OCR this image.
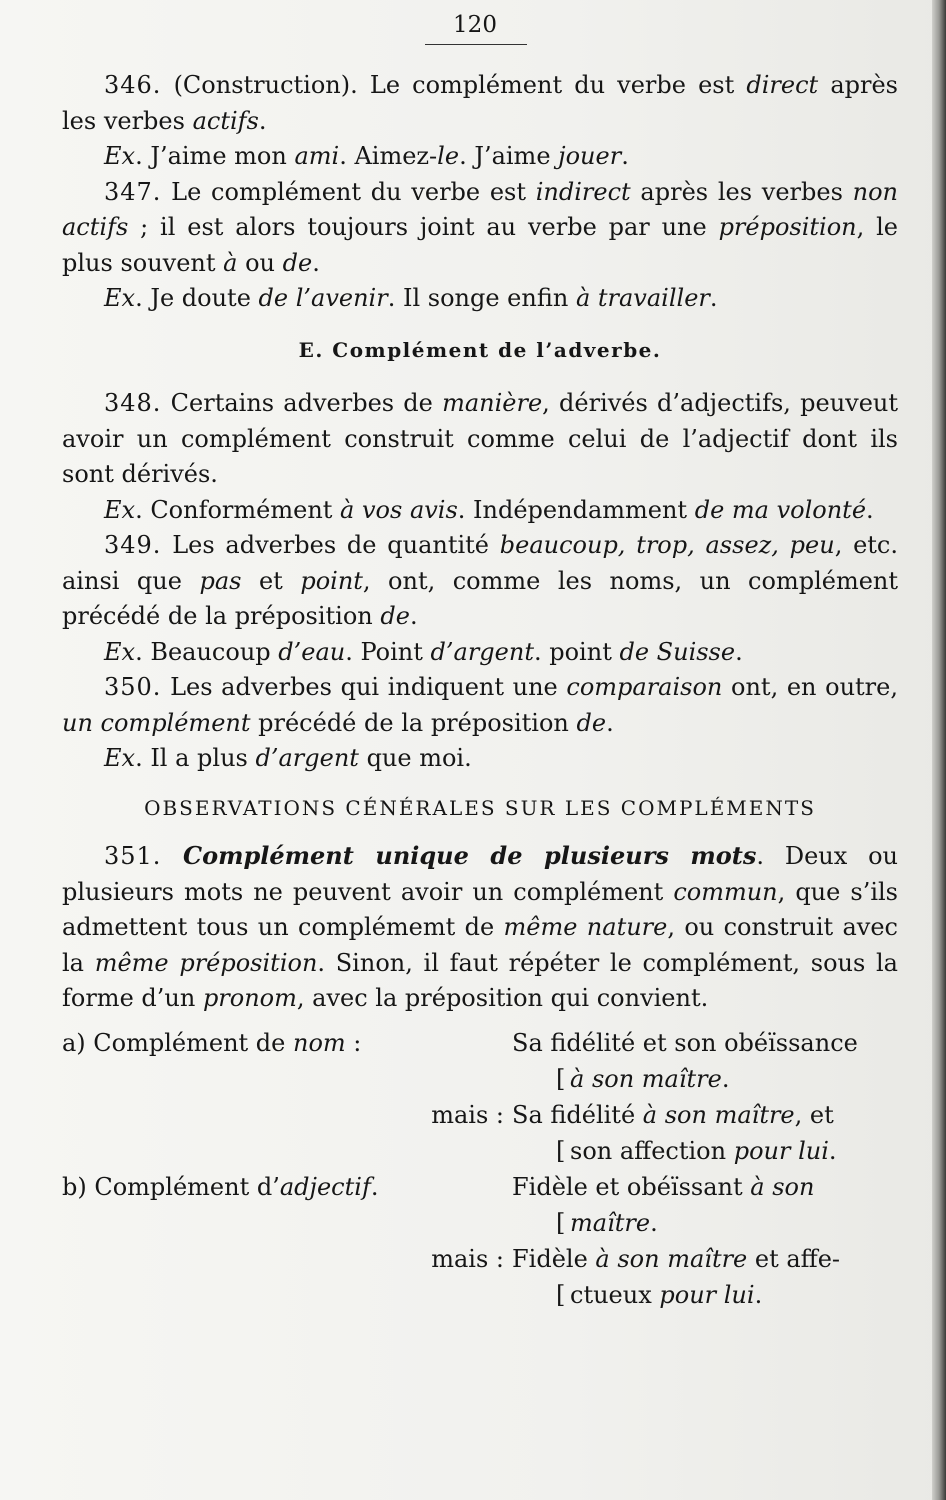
120

346. (Construction). Le complément du verbe est direct après les verbes actifs.

Ex. J’aime mon ami. Aimez-le. J’aime jouer.

347. Le complément du verbe est indirect après les verbes non actifs ; il est alors toujours joint au verbe par une préposition, le plus souvent à ou de.

Ex. Je doute de l’avenir. Il songe enfin à travailler.

E. Complément de l’adverbe.

348. Certains adverbes de manière, dérivés d’adjectifs, peuveut avoir un complément construit comme celui de l’adjectif dont ils sont dérivés.

Ex. Conformément à vos avis. Indépendamment de ma volonté.

349. Les adverbes de quantité beaucoup, trop, assez, peu, etc. ainsi que pas et point, ont, comme les noms, un complément précédé de la préposition de.

Ex. Beaucoup d’eau. Point d’argent. point de Suisse.

350. Les adverbes qui indiquent une comparaison ont, en outre, un complément précédé de la préposition de.

Ex. Il a plus d’argent que moi.

OBSERVATIONS CÉNÉRALES SUR LES COMPLÉMENTS

351. Complément unique de plusieurs mots. Deux ou plusieurs mots ne peuvent avoir un complément commun, que s’ils admettent tous un complémemt de même nature, ou construit avec la même préposition. Sinon, il faut répéter le complément, sous la forme d’un pronom, avec la préposition qui convient.

a) Complément de nom :	Sa fidélité et son obéïssance
[ à son maître.
mais : Sa fidélité à son maître, et
[ son affection pour lui.
b) Complément d’adjectif.	Fidèle et obéïssant à son
[ maître.
mais : Fidèle à son maître et affe-
[ ctueux pour lui.
